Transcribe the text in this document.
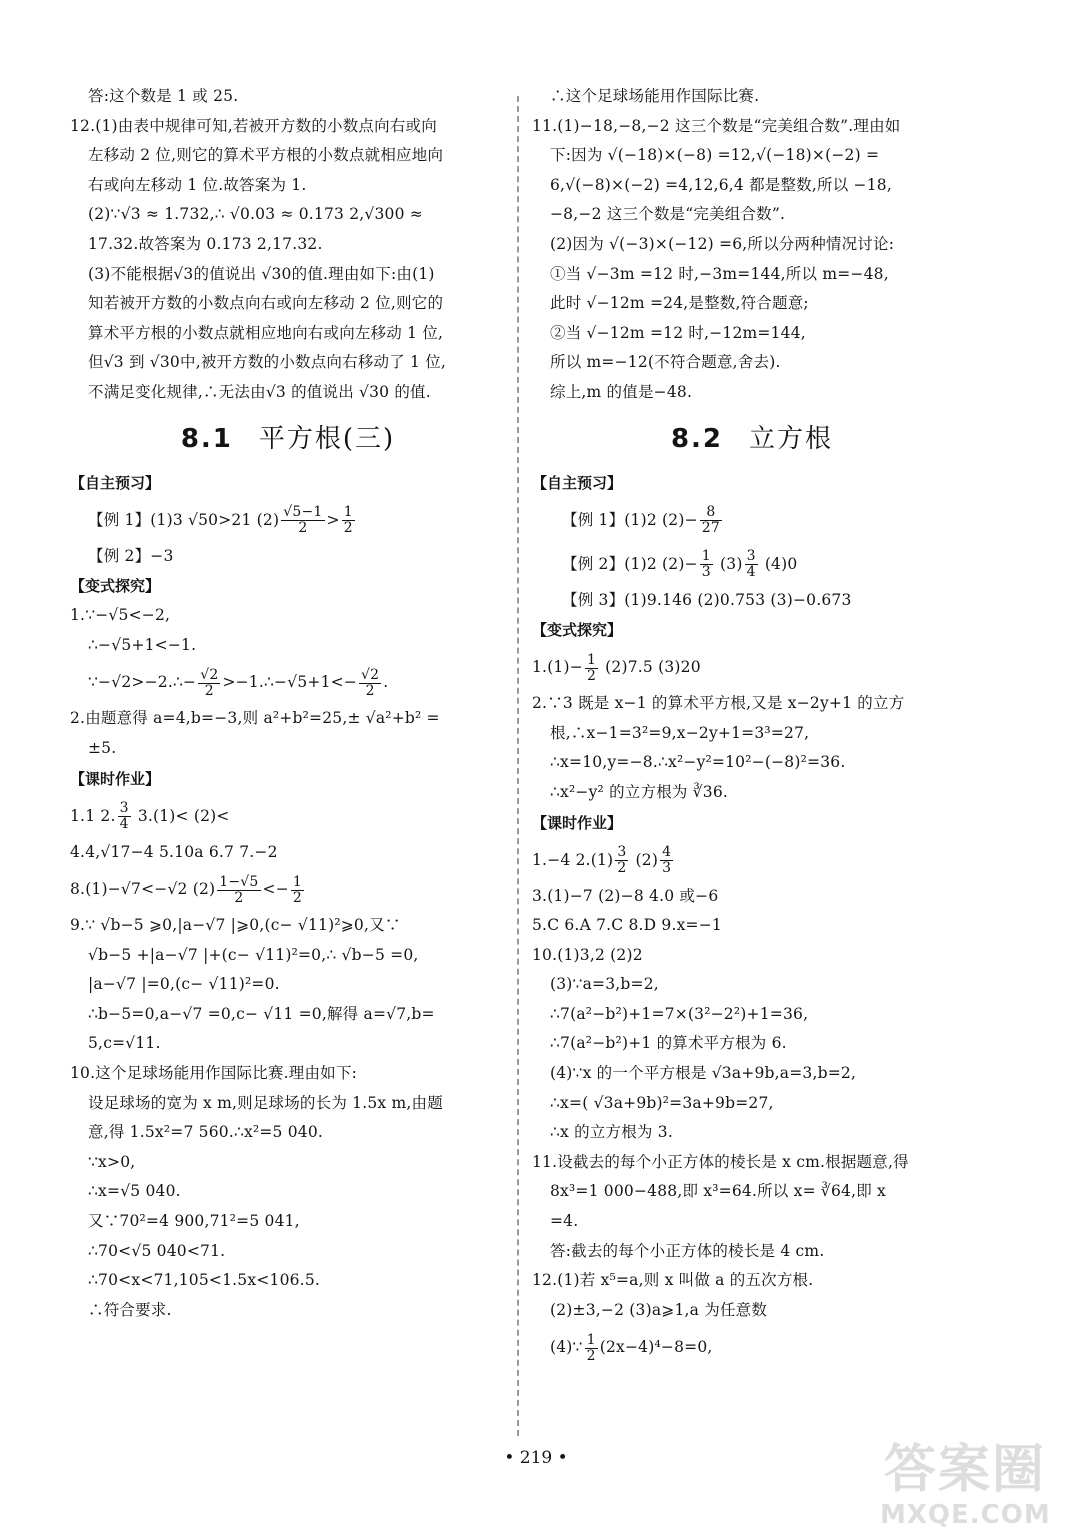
答:这个数是 1 或 25.
12.(1)由表中规律可知,若被开方数的小数点向右或向
左移动 2 位,则它的算术平方根的小数点就相应地向
右或向左移动 1 位.故答案为 1.
(2)∵√3 ≈ 1.732,∴ √0.03 ≈ 0.173 2,√300 ≈
17.32.故答案为 0.173 2,17.32.
(3)不能根据√3的值说出 √30的值.理由如下:由(1)
知若被开方数的小数点向右或向左移动 2 位,则它的
算术平方根的小数点就相应地向右或向左移动 1 位,
但√3 到 √30中,被开方数的小数点向右移动了 1 位,
不满足变化规律,∴无法由√3 的值说出 √30 的值.
8.1 平方根(三)
【自主预习】
【例 1】(1)3 √50>21 $(2) \frac{√5-1}{2} > \frac{1}{2}$
【例 2】−3
【变式探究】
1.∵−√5<−2,
∴−√5+1<−1.
∵−√2>−2.∴− $\frac{√2}{2}$ >−1.∴−√5+1<− $\frac{√2}{2}$ .
2.由题意得 a=4,b=−3,则 a²+b²=25,± √a²+b² =
±5.
【课时作业】
1.1 2. $\frac{3}{4} 3.(1)< (2)<$
4.4,√17−4 5.10a 6.7 7.−2
8.(1)−√7<−√2 $(2) \frac{1-√5}{2} <- \frac{1}{2}$
9.∵ √b−5 ⩾0,|a−√7 |⩾0,(c− √11)²⩾0,又∵
√b−5 +|a−√7 |+(c− √11)²=0,∴ √b−5 =0,
|a−√7 |=0,(c− √11)²=0.
∴b−5=0,a−√7 =0,c− √11 =0,解得 a=√7,b=
5,c=√11.
10.这个足球场能用作国际比赛.理由如下:
设足球场的宽为 x m,则足球场的长为 1.5x m,由题
意,得 1.5x²=7 560.∴x²=5 040.
∵x>0,
∴x=√5 040.
又∵70²=4 900,71²=5 041,
∴70<√5 040<71.
∴70<x<71,105<1.5x<106.5.
∴符合要求.
∴这个足球场能用作国际比赛.
11.(1)−18,−8,−2 这三个数是“完美组合数”.理由如
下:因为 √(−18)×(−8) =12,√(−18)×(−2) =
6,√(−8)×(−2) =4,12,6,4 都是整数,所以 −18,
−8,−2 这三个数是“完美组合数”.
(2)因为 √(−3)×(−12) =6,所以分两种情况讨论:
①当 √−3m =12 时,−3m=144,所以 m=−48,
此时 √−12m =24,是整数,符合题意;
②当 √−12m =12 时,−12m=144,
所以 m=−12(不符合题意,舍去).
综上,m 的值是−48.
8.2 立方根
【自主预习】
【例 1】(1)2 $(2)- \frac{8}{27}$
【例 2】(1)2 $(2)- \frac{1}{3} (3) \frac{3}{4} (4)0$
【例 3】(1)9.146 (2)0.753 (3)−0.673
【变式探究】
$1.(1)- \frac{1}{2} (2)7.5$ (3)20
2.∵3 既是 x−1 的算术平方根,又是 x−2y+1 的立方
根,∴x−1=3²=9,x−2y+1=3³=27,
∴x=10,y=−8.∴x²−y²=10²−(−8)²=36.
∴x²−y² 的立方根为 ∛36.
【课时作业】
1.−4 $2.(1) \frac{3}{2} (2) \frac{4}{3}$
3.(1)−7 (2)−8 4.0 或−6
5.C 6.A 7.C 8.D 9.x=−1
10.(1)3,2 (2)2
(3)∵a=3,b=2,
∴7(a²−b²)+1=7×(3²−2²)+1=36,
∴7(a²−b²)+1 的算术平方根为 6.
(4)∵x 的一个平方根是 √3a+9b,a=3,b=2,
∴x=( √3a+9b)²=3a+9b=27,
∴x 的立方根为 3.
11.设截去的每个小正方体的棱长是 x cm.根据题意,得
8x³=1 000−488,即 x³=64.所以 x= ∛64,即 x
=4.
答:截去的每个小正方体的棱长是 4 cm.
12.(1)若 x⁵=a,则 x 叫做 a 的五次方根.
(2)±3,−2 (3)a⩾1,a 为任意数
(4)∵ $\frac{1}{2} (2x-4)^4-8=0$,
• 219 •	答案圈
MXQE.COM
